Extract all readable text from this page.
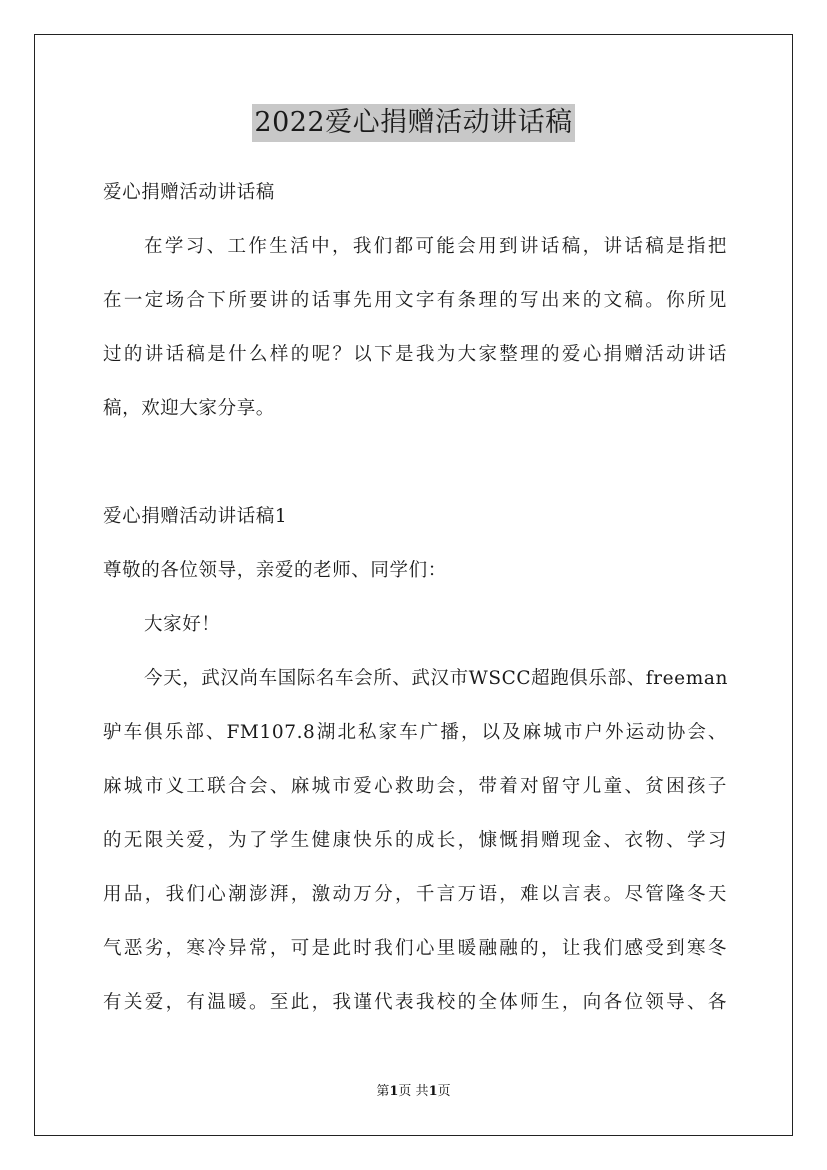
2022爱心捐赠活动讲话稿
爱心捐赠活动讲话稿
在学习、工作生活中，我们都可能会用到讲话稿，讲话稿是指把
在一定场合下所要讲的话事先用文字有条理的写出来的文稿。你所见
过的讲话稿是什么样的呢？以下是我为大家整理的爱心捐赠活动讲话
稿，欢迎大家分享。
爱心捐赠活动讲话稿1
尊敬的各位领导，亲爱的老师、同学们：
大家好！
今天，武汉尚车国际名车会所、武汉市WSCC超跑俱乐部、freeman
驴车俱乐部、FM107.8湖北私家车广播，以及麻城市户外运动协会、
麻城市义工联合会、麻城市爱心救助会，带着对留守儿童、贫困孩子
的无限关爱，为了学生健康快乐的成长，慷慨捐赠现金、衣物、学习
用品，我们心潮澎湃，激动万分，千言万语，难以言表。尽管隆冬天
气恶劣，寒冷异常，可是此时我们心里暖融融的，让我们感受到寒冬
有关爱，有温暖。至此，我谨代表我校的全体师生，向各位领导、各
第1页 共1页
